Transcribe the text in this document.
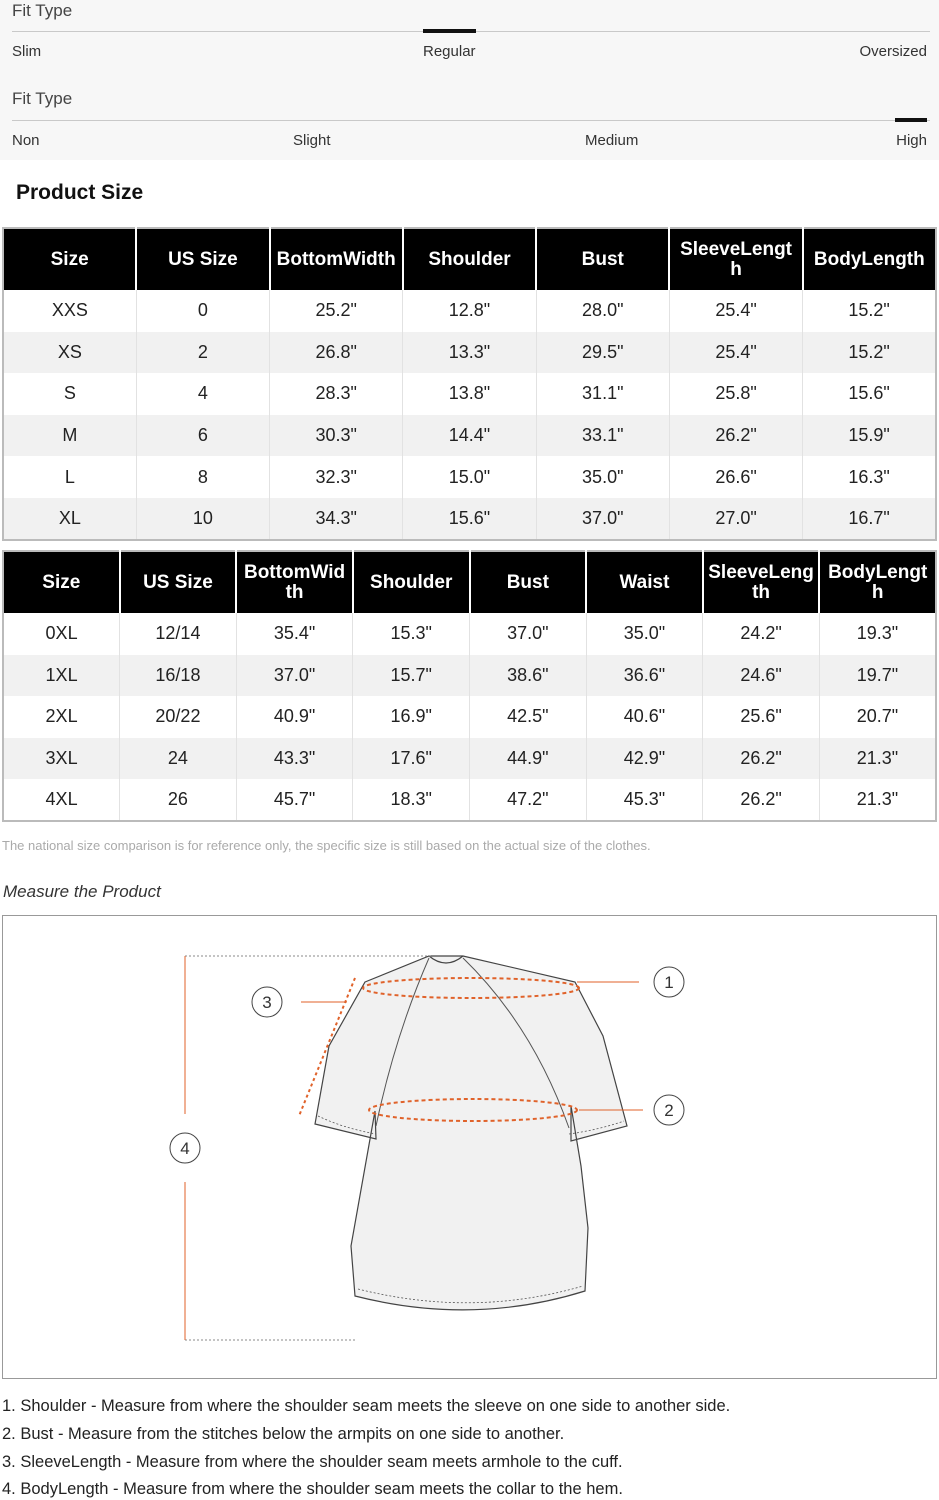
Fit Type
Slim	Regular	Oversized
Fit Type
Non	Slight	Medium	High
Product Size
Size	US Size	BottomWidth	Shoulder	Bust	SleeveLength	BodyLength
XXS	0	25.2"	12.8"	28.0"	25.4"	15.2"
XS	2	26.8"	13.3"	29.5"	25.4"	15.2"
S	4	28.3"	13.8"	31.1"	25.8"	15.6"
M	6	30.3"	14.4"	33.1"	26.2"	15.9"
L	8	32.3"	15.0"	35.0"	26.6"	16.3"
XL	10	34.3"	15.6"	37.0"	27.0"	16.7"
Size	US Size	BottomWidth	Shoulder	Bust	Waist	SleeveLength	BodyLength
0XL	12/14	35.4"	15.3"	37.0"	35.0"	24.2"	19.3"
1XL	16/18	37.0"	15.7"	38.6"	36.6"	24.6"	19.7"
2XL	20/22	40.9"	16.9"	42.5"	40.6"	25.6"	20.7"
3XL	24	43.3"	17.6"	44.9"	42.9"	26.2"	21.3"
4XL	26	45.7"	18.3"	47.2"	45.3"	26.2"	21.3"
The national size comparison is for reference only, the specific size is still based on the actual size of the clothes.
Measure the Product
1
2
3
4
1. Shoulder - Measure from where the shoulder seam meets the sleeve on one side to another side.
2. Bust - Measure from the stitches below the armpits on one side to another.
3. SleeveLength - Measure from where the shoulder seam meets armhole to the cuff.
4. BodyLength - Measure from where the shoulder seam meets the collar to the hem.
